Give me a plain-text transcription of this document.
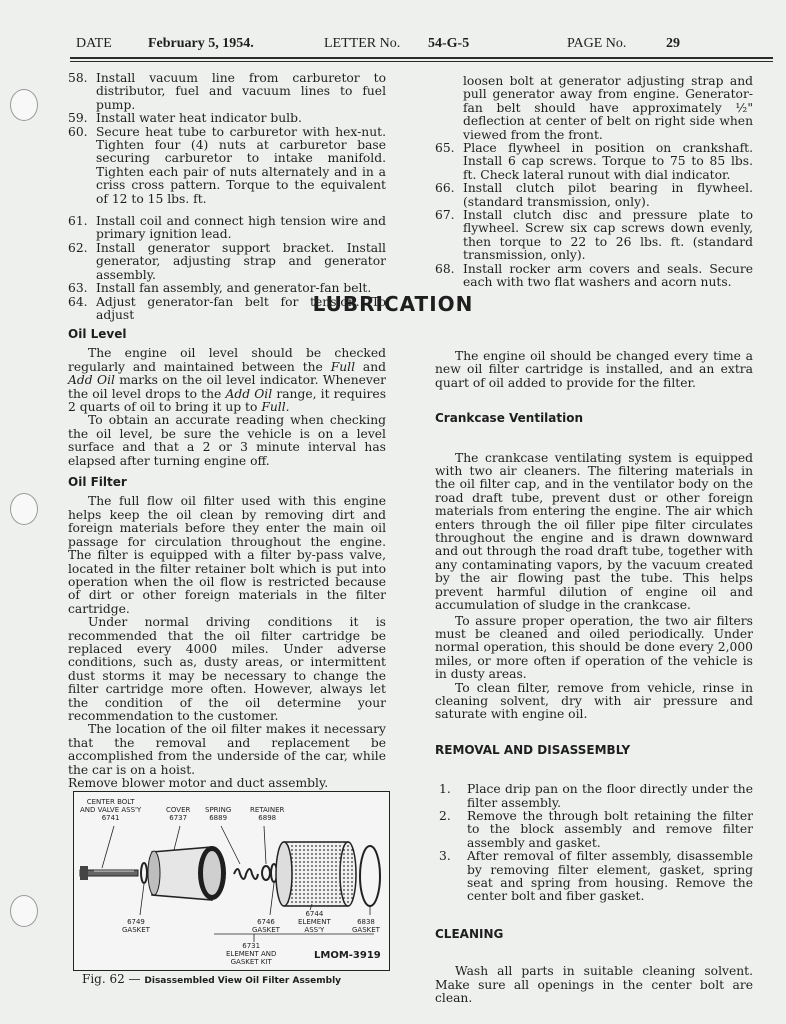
DATE	February 5, 1954.	LETTER No. 54-G-5	PAGE No.	29

58. Install vacuum line from carburetor to distributor, fuel and vacuum lines to fuel pump.

59. Install water heat indicator bulb.

60. Secure heat tube to carburetor with hex-nut. Tighten four (4) nuts at carburetor base securing carburetor to intake manifold. Tighten each pair of nuts alternately and in a criss cross pattern. Torque to the equivalent of 12 to 15 lbs. ft.

61. Install coil and connect high tension wire and primary ignition lead.

62. Install generator support bracket. Install generator, adjusting strap and generator assembly.

63. Install fan assembly, and generator-fan belt.

64. Adjust generator-fan belt for tension. To adjust

loosen bolt at generator adjusting strap and pull generator away from engine. Generator-fan belt should have approximately ½" deflection at center of belt on right side when viewed from the front.

65. Place flywheel in position on crankshaft. Install 6 cap screws. Torque to 75 to 85 lbs. ft. Check lateral runout with dial indicator.

66. Install clutch pilot bearing in flywheel. (standard transmission, only).

67. Install clutch disc and pressure plate to flywheel. Screw six cap screws down evenly, then torque to 22 to 26 lbs. ft. (standard transmission, only).

68. Install rocker arm covers and seals. Secure each with two flat washers and acorn nuts.

LUBRICATION

Oil Level

The engine oil level should be checked regularly and maintained between the Full and Add Oil marks on the oil level indicator. Whenever the oil level drops to the Add Oil range, it requires 2 quarts of oil to bring it up to Full.

To obtain an accurate reading when checking the oil level, be sure the vehicle is on a level surface and that a 2 or 3 minute interval has elapsed after turning engine off.

Oil Filter

The full flow oil filter used with this engine helps keep the oil clean by removing dirt and foreign materials before they enter the main oil passage for circulation throughout the engine. The filter is equipped with a filter by-pass valve, located in the filter retainer bolt which is put into operation when the oil flow is restricted because of dirt or other foreign materials in the filter cartridge.

Under normal driving conditions it is recommended that the oil filter cartridge be replaced every 4000 miles. Under adverse conditions, such as, dusty areas, or intermittent dust storms it may be necessary to change the filter cartridge more often. However, always let the condition of the oil determine your recommendation to the customer.

The location of the oil filter makes it necessary that the removal and replacement be accomplished from the underside of the car, while the car is on a hoist.

Remove blower motor and duct assembly.

The engine oil should be changed every time a new oil filter cartridge is installed, and an extra quart of oil added to provide for the filter.

Crankcase Ventilation

The crankcase ventilating system is equipped with two air cleaners. The filtering materials in the oil filter cap, and in the ventilator body on the road draft tube, prevent dust or other foreign materials from entering the engine. The air which enters through the oil filler pipe filter circulates throughout the engine and is drawn downward and out through the road draft tube, together with any contaminating vapors, by the vacuum created by the air flowing past the tube. This helps prevent harmful dilution of engine oil and accumulation of sludge in the crankcase.

To assure proper operation, the two air filters must be cleaned and oiled periodically. Under normal operation, this should be done every 2,000 miles, or more often if operation of the vehicle is in dusty areas.

To clean filter, remove from vehicle, rinse in cleaning solvent, dry with air pressure and saturate with engine oil.

REMOVAL AND DISASSEMBLY

1. Place drip pan on the floor directly under the filter assembly.

2. Remove the through bolt retaining the filter to the block assembly and remove filter assembly and gasket.

3. After removal of filter assembly, disassemble by removing filter element, gasket, spring seat and spring from housing. Remove the center bolt and fiber gasket.

CLEANING

Wash all parts in suitable cleaning solvent. Make sure all openings in the center bolt are clean.

CENTER BOLT
AND VALVE ASS'Y
6741
COVER
6737
SPRING
6889
RETAINER
6898
6749
GASKET
6746
GASKET
6744
ELEMENT
ASS'Y
6838
GASKET
6731
ELEMENT AND
GASKET KIT
LMOM-3919
Fig. 62 — Disassembled View Oil Filter Assembly
